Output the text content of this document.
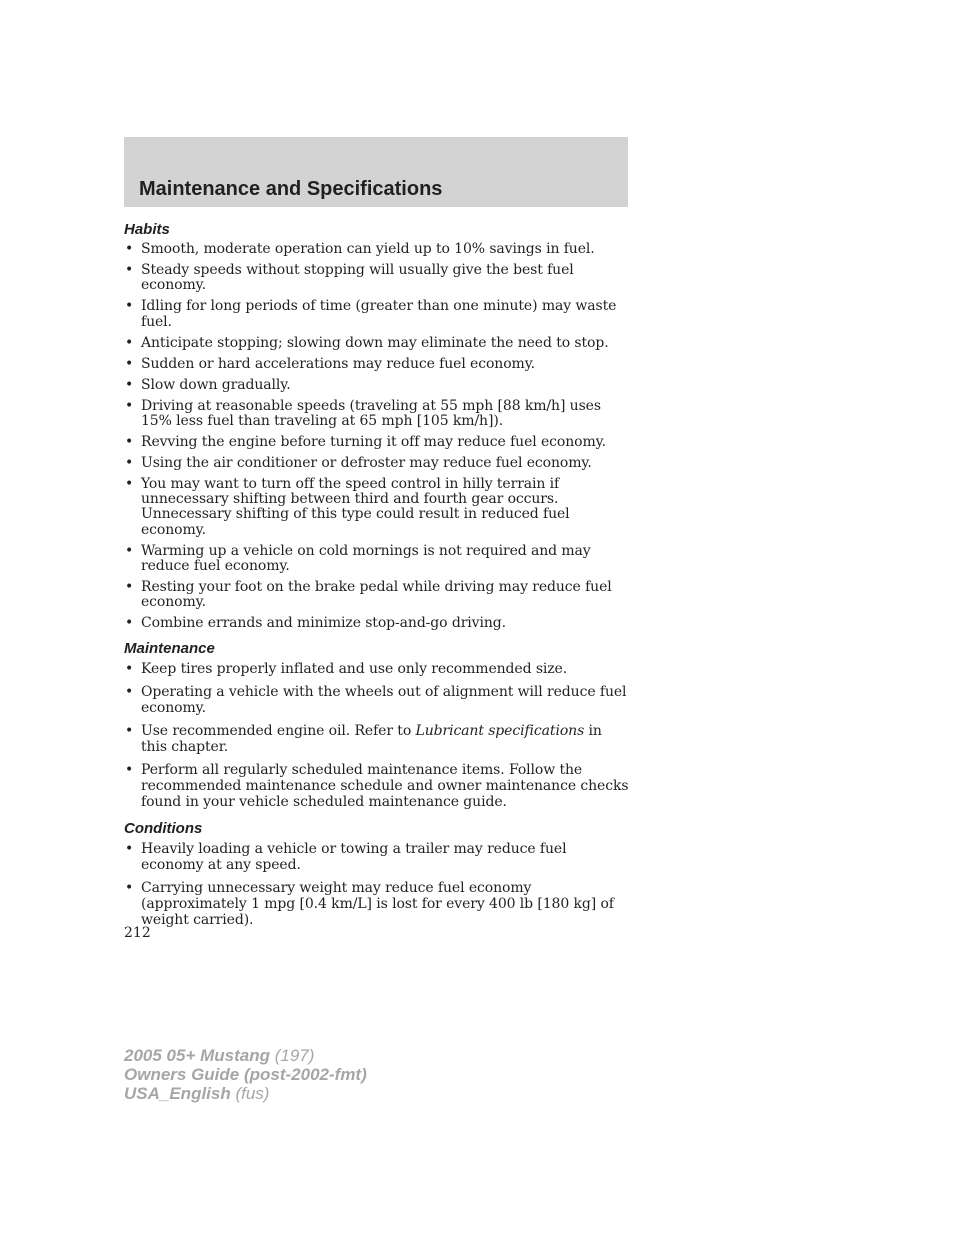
Maintenance and Specifications
Habits
• Smooth, moderate operation can yield up to 10% savings in fuel.
• Steady speeds without stopping will usually give the best fuel economy.
• Idling for long periods of time (greater than one minute) may waste fuel.
• Anticipate stopping; slowing down may eliminate the need to stop.
• Sudden or hard accelerations may reduce fuel economy.
• Slow down gradually.
• Driving at reasonable speeds (traveling at 55 mph [88 km/h] uses 15% less fuel than traveling at 65 mph [105 km/h]).
• Revving the engine before turning it off may reduce fuel economy.
• Using the air conditioner or defroster may reduce fuel economy.
• You may want to turn off the speed control in hilly terrain if unnecessary shifting between third and fourth gear occurs. Unnecessary shifting of this type could result in reduced fuel economy.
• Warming up a vehicle on cold mornings is not required and may reduce fuel economy.
• Resting your foot on the brake pedal while driving may reduce fuel economy.
• Combine errands and minimize stop-and-go driving.
Maintenance
• Keep tires properly inflated and use only recommended size.
• Operating a vehicle with the wheels out of alignment will reduce fuel economy.
• Use recommended engine oil. Refer to Lubricant specifications in this chapter.
• Perform all regularly scheduled maintenance items. Follow the recommended maintenance schedule and owner maintenance checks found in your vehicle scheduled maintenance guide.
Conditions
• Heavily loading a vehicle or towing a trailer may reduce fuel economy at any speed.
• Carrying unnecessary weight may reduce fuel economy (approximately 1 mpg [0.4 km/L] is lost for every 400 lb [180 kg] of weight carried).

212

2005 05+ Mustang (197)
Owners Guide (post-2002-fmt)
USA_English (fus)
